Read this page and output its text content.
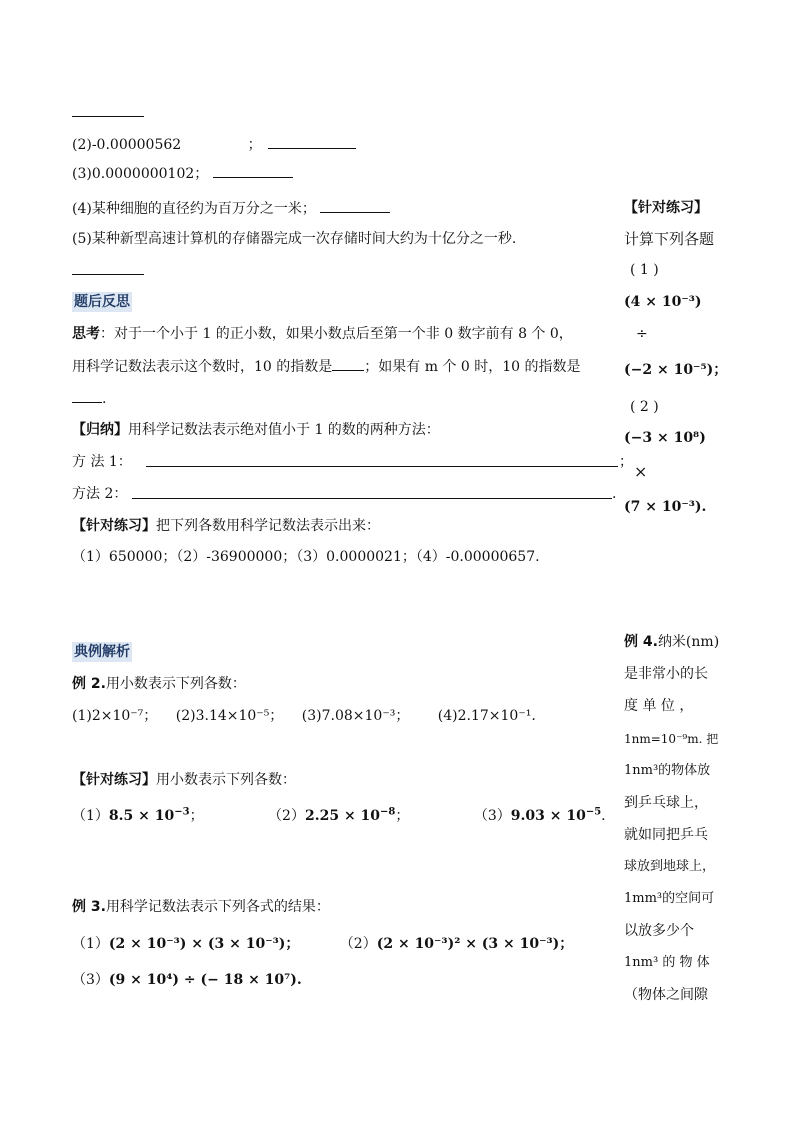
(2)-0.00000562	；
(3)0.0000000102；
(4)某种细胞的直径约为百万分之一米；
(5)某种新型高速计算机的存储器完成一次存储时间大约为十亿分之一秒.
题后反思
思考：对于一个小于 1 的正小数，如果小数点后至第一个非 0 数字前有 8 个 0，
用科学记数法表示这个数时，10 的指数是 ；如果有 m 个 0 时，10 的指数是
.
【归纳】用科学记数法表示绝对值小于 1 的数的两种方法：
方 法 1：	；
方法 2：	.
【针对练习】把下列各数用科学记数法表示出来：
（1）650000；（2）-36900000；（3）0.0000021；（4）-0.00000657.
典例解析
例 2.用小数表示下列各数：
(1)2×10⁻⁷； (2)3.14×10⁻⁵； (3)7.08×10⁻³； (4)2.17×10⁻¹.
【针对练习】用小数表示下列各数：
$(1)8.5 \times 10^{-3}$；	$(2)2.25 \times 10^{-8}$；	$(3)9.03 \times 10^{-5}$.
例 3.用科学记数法表示下列各式的结果：
（1）(2 × 10⁻³) × (3 × 10⁻³)；	（2）(2 × 10⁻³)² × (3 × 10⁻³)；
（3）(9 × 10⁴) ÷ (− 18 × 10⁷).
【针对练习】
计算下列各题
( 1 )
(4 × 10⁻³)
÷
(−2 × 10⁻⁵)；
( 2 )
(−3 × 10⁸)
×
(7 × 10⁻³).
例 4.纳米(nm)
是非常小的长
度 单 位 ，
1nm=10⁻⁹m. 把
1nm³的物体放
到乒乓球上，
就如同把乒乓
球放到地球上，
1mm³的空间可
以放多少个
1nm³ 的 物 体
（物体之间隙
